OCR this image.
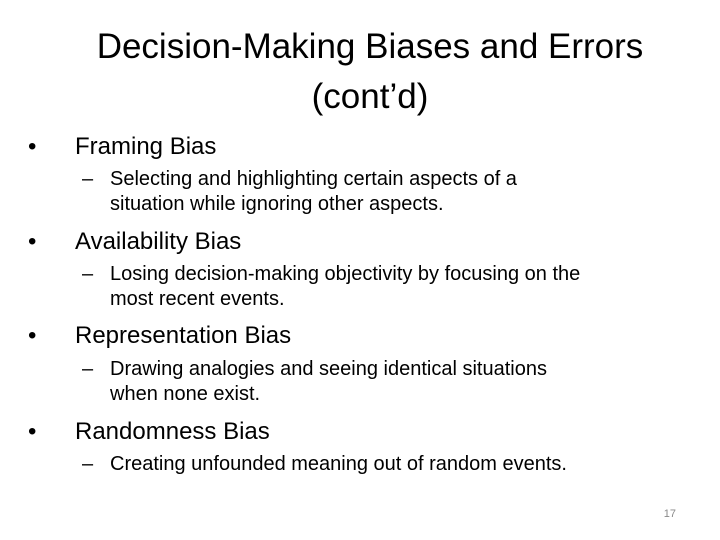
Decision-Making Biases and Errors
(cont’d)
• Framing Bias
– Selecting and highlighting certain aspects of a
situation while ignoring other aspects.
• Availability Bias
– Losing decision-making objectivity by focusing on the
most recent events.
• Representation Bias
– Drawing analogies and seeing identical situations
when none exist.
• Randomness Bias
– Creating unfounded meaning out of random events.
17
